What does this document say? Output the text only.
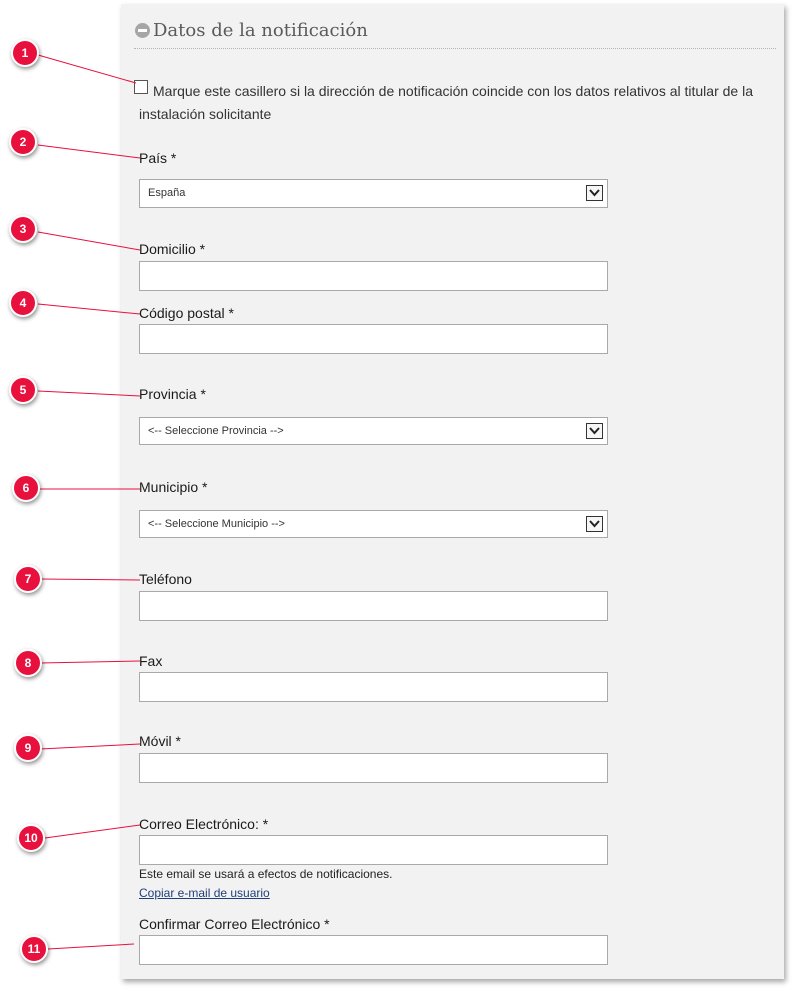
Datos de la notificación
Marque este casillero si la dirección de notificación coincide con los datos relativos al titular de la instalación solicitante
País *
España
Domicilio *
Código postal *
Provincia *
<-- Seleccione Provincia -->
Municipio *
<-- Seleccione Municipio -->
Teléfono
Fax
Móvil *
Correo Electrónico: *
Este email se usará a efectos de notificaciones.
Copiar e-mail de usuario
Confirmar Correo Electrónico *
1
2
3
4
5
6
7
8
9
10
11
